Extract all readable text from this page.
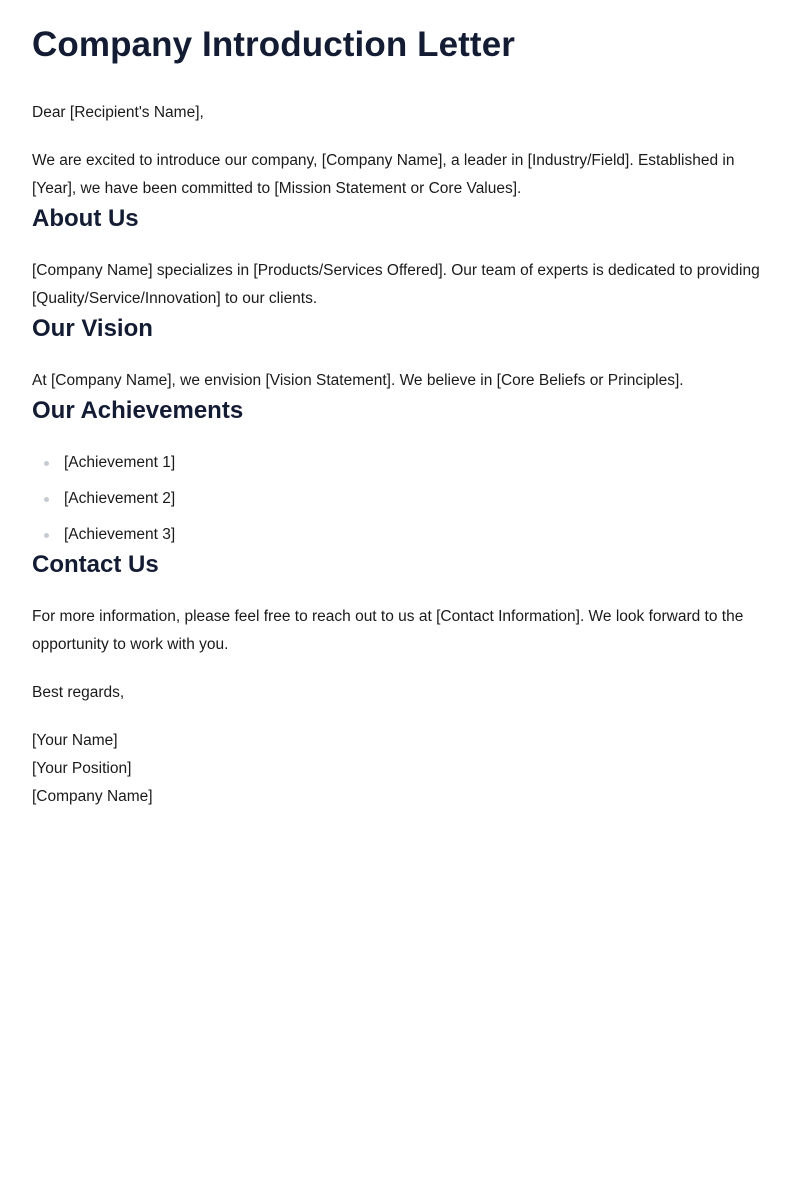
Company Introduction Letter

Dear [Recipient's Name],

We are excited to introduce our company, [Company Name], a leader in [Industry/Field]. Established in [Year], we have been committed to [Mission Statement or Core Values].

About Us

[Company Name] specializes in [Products/Services Offered]. Our team of experts is dedicated to providing [Quality/Service/Innovation] to our clients.

Our Vision

At [Company Name], we envision [Vision Statement]. We believe in [Core Beliefs or Principles].

Our Achievements
[Achievement 1]
[Achievement 2]
[Achievement 3]
Contact Us

For more information, please feel free to reach out to us at [Contact Information]. We look forward to the opportunity to work with you.

Best regards,

[Your Name]
[Your Position]
[Company Name]
